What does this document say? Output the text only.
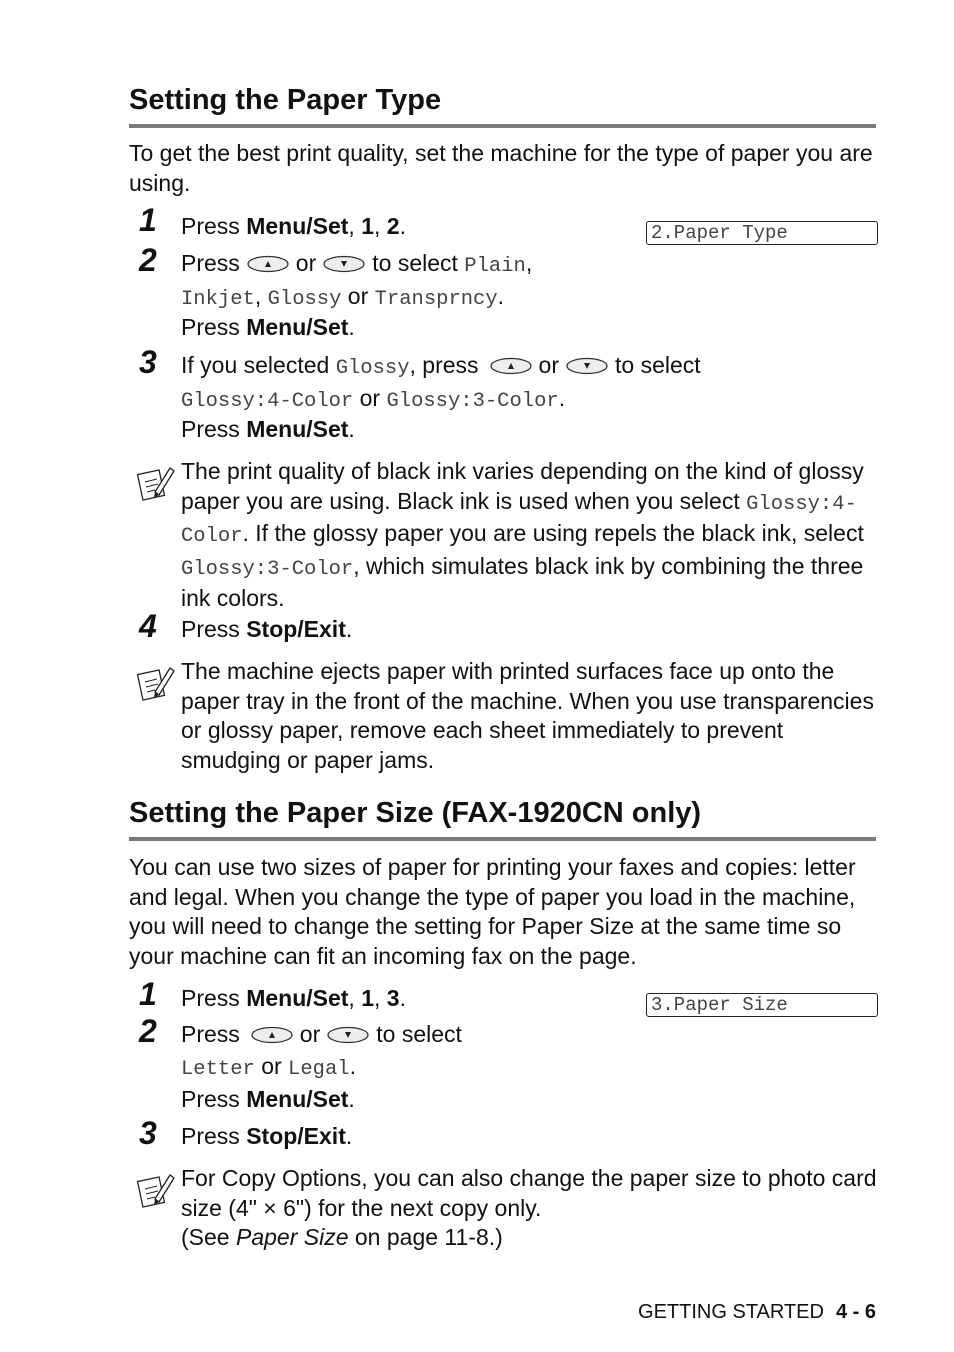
Setting the Paper Type
To get the best print quality, set the machine for the type of paper you are using.
2.Paper Type
1 Press Menu/Set, 1, 2.
2 Press or to select Plain,
Inkjet, Glossy or Transprncy.
Press Menu/Set.
3 If you selected Glossy, press	or to select
Glossy:4-Color or Glossy:3-Color.
Press Menu/Set.
The print quality of black ink varies depending on the kind of glossy paper you are using. Black ink is used when you select Glossy:4-Color. If the glossy paper you are using repels the black ink, select Glossy:3-Color, which simulates black ink by combining the three ink colors.
4 Press Stop/Exit.
The machine ejects paper with printed surfaces face up onto the paper tray in the front of the machine. When you use transparencies or glossy paper, remove each sheet immediately to prevent smudging or paper jams.
Setting the Paper Size (FAX-1920CN only)
You can use two sizes of paper for printing your faxes and copies: letter and legal. When you change the type of paper you load in the machine, you will need to change the setting for Paper Size at the same time so your machine can fit an incoming fax on the page.
3.Paper Size
1 Press Menu/Set, 1, 3.
2 Press	or to select
Letter or Legal.
Press Menu/Set.
3 Press Stop/Exit.
For Copy Options, you can also change the paper size to photo card size (4" × 6") for the next copy only.
(See Paper Size on page 11-8.)
GETTING STARTED 4 - 6
